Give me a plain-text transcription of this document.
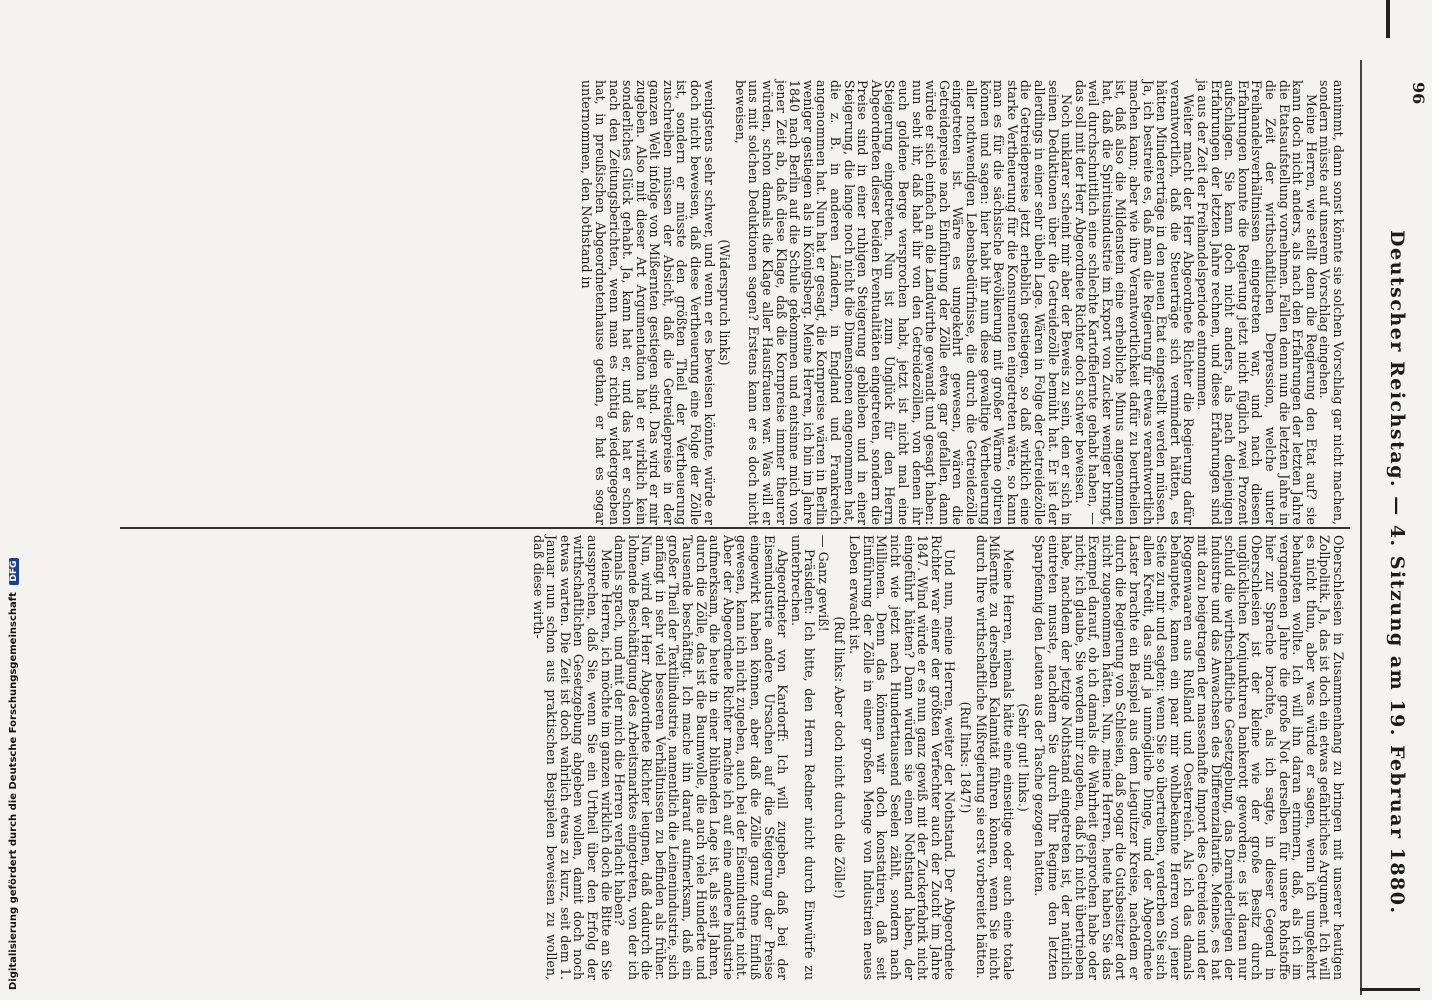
96
Deutscher Reichstag. — 4. Sitzung am 19. Februar 1880.

annimmt, dann sonst könnte sie solchen Vorschlag gar nicht machen, sondern müsste auf unserem Vorschlag eingehen.

Meine Herren, wie stellt denn die Regierung den Etat auf? sie kann doch nicht anders, als nach den Erfahrungen der letzten Jahre die Etatsaufstellung vornehmen. Fallen denn nun die letzten Jahre in die Zeit der wirthschaftlichen Depression, welche unter Freihandelsverhältnissen eingetreten war, und nach diesen Erfahrungen konnte die Regierung jetzt nicht füglich zwei Prozent aufschlagen. Sie kann doch nicht anders, als nach denjenigen Erfahrungen der letzten Jahre rechnen, und diese Erfahrungen sind ja aus der Zeit der Freihandelsperiode entnommen.

Weiter macht der Herr Abgeordnete Richter die Regierung dafür verantwortlich, daß die Steuerträge sich vermindert hätten, es hätten Mindererträge in den neuen Etat eingestellt werden müssen. Ja, ich bestreite es, daß man die Regierung für etwas verantwortlich machen kann; aber wie ihre Verantwortlichkeit dafür zu beurtheilen ist, daß also die Mildenstein eine erhebliche Minus angenommen hat, daß die Spiritusindustrie im Export von Zucker weniger bringt, weil durchschnittlich eine schlechte Kartoffelernte gehabt haben, — das soll mit der Herr Abgeordnete Richter doch schwer beweisen.

Noch unklarer scheint mir aber der Beweis zu sein, den er sich in seinen Deduktionen über die Getreidezölle bemüht hat. Er ist der allerdings in einer sehr übeln Lage. Wären in Folge der Getreidezölle die Getreidepreise jetzt erheblich gestiegen, so daß wirklich eine starke Vertheuerung für die Konsumenten eingetreten wäre, so kann man es für die sächsische Bevölkerung mit großer Wärme optiren können und sagen: hier habt ihr nun diese gewaltige Vertheuerung aller nothwendigen Lebensbedürfnisse, die durch die Getreidezölle eingetreten ist. Wäre es umgekehrt gewesen, wären die Getreidepreise nach Einführung der Zölle etwa gar gefallen, dann würde er sich einfach an die Landwirthe gewandt und gesagt haben: nun seht ihr, daß habt ihr von den Getreidezöllen, von denen ihr euch goldene Berge versprochen habt, jetzt ist nicht mal eine Steigerung eingetreten. Nun ist zum Unglück für den Herrn Abgeordneten dieser beiden Eventualitäten eingetreten, sondern die Preise sind in einer ruhigen Steigerung geblieben und in einer Steigerung, die lange noch nicht die Dimensionen angenommen hat, die z. B. in anderen Ländern, in England und Frankreich angenommen hat. Nun hat er gesagt, die Kornpreise wären in Berlin weniger gestiegen als in Königsberg. Meine Herren, ich bin im Jahre 1840 nach Berlin auf die Schule gekommen und entsinne mich von jener Zeit ab, daß diese Klage, daß die Kornpreise immer theurer würden, schon damals die Klage aller Hausfrauen war. Was will er uns mit solchen Deduktionen sagen? Erstens kann er es doch nicht beweisen,

(Widerspruch links)

wenigstens sehr schwer, und wenn er es beweisen könnte, würde er doch nicht beweisen, daß diese Vertheuerung eine Folge der Zölle ist, sondern er müsste den größten Theil der Vertheuerung zuschreiben müssen der Absicht, daß die Getreidepreise in der ganzen Welt infolge von Mißernten gestiegen sind. Das wird er mir zugeben. Also mit dieser Art Argumentation hat er wirklich kein sonderliches Glück gehabt. Ja, kann hat er, und das hat er schon nach den Zeitungsberichten, wenn man es richtig wiedergegeben hat, in preußischen Abgeordnetenhause gethan, er hat es sogar unternommen, den Nothstand in

Oberschlesien in Zusammenhang zu bringen mit unserer heutigen Zollpolitik. Ja, das ist doch ein etwas gefährliches Argument. Ich will es nicht thun, aber was würde er sagen, wenn ich umgekehrt behaupten wollte. Ich will ihn daran erinnern, daß, als ich im vergangenen Jahre die große Not derselben für unsere Rohstoffe hier zur Sprache brachte, als ich sagte, in dieser Gegend in Oberschlesien ist der kleine wie der große Besitz durch unglücklichen Konjunkturen bankerott geworden; es ist daran nur schuld die wirthschaftliche Gesetzgebung, das Darniederliegen der Industrie und das Anwachsen des Differenzialtarife. Meines, es hat mit dazu beigetragen der massenhafte Import des Getreides und der Roggenwaaren aus Rußland und Oesterreich. Als ich das damals behauptete, kamen ein paar mir wohlbekannte Herren von jener Seite zu mir und sagten: wenn Sie so übertreiben, verderben Sie sich allen Kredit, das sind ja unmögliche Dinge, und der Abgeordnete Laster brachte ein Beispiel aus dem Lieguitzer Kreise, nachdem er durch die Regierung von Schlesien, daß sogar die Gutsbesitzer dort nicht zugenommen hätten. Nun, meine Herren, heute haben Sie das Exempel darauf, ob ich damals die Wahrheit gesprochen habe oder nicht; ich glaube, Sie werden mir zugeben, daß ich nicht übertrieben habe, nachdem der jetzige Nothstand eingetreten ist, der natürlich eintreten musste, nachdem Sie durch Ihr Regime den letzten Sparpfennig den Leuten aus der Tasche gezogen hatten.

(Sehr gut! links.)

Meine Herren, niemals hätte eine einseitige oder auch eine totale Mißernte zu derselben Kalamität führen können, wenn Sie nicht durch Ihre wirthschaftliche Mißregierung sie erst vorbereitet hätten.

(Ruf links: 1847!)

Und nun, meine Herren, weiter der Nothstand. Der Abgeordnete Richter war einer der größten Verfechter auch der Zucht im Jahre 1847. Wind würde er es nun ganz gewiß mit der Zuckerfabrik nicht eingeführt hätten? Dann würden sie einen Nothstand haben, der nicht wie jetzt nach Hunderttausend Seelen zählt, sondern nach Millionen. Denn das können wir doch konstatiren, daß seit Einführung der Zölle in einer großen Menge von Industrien neues Leben erwacht ist.

(Ruf links: Aber doch nicht durch die Zölle!)

— Ganz gewiß!

Präsident: Ich bitte, den Herrn Redner nicht durch Einwürfe zu unterbrechen.

Abgeordneter von Kardorff: Ich will zugeben, daß bei der Eisenindustrie andere Ursachen auf die Steigerung der Preise eingewirkt haben können, aber daß die Zölle ganz ohne Einfluß gewesen, kann ich nicht zugeben, auch bei der Eisenindustrie nicht. Aber der Abgeordnete Richter machte ich auf eine andere Industrie aufmerksam, die heute in einer blühenden Lage ist, als seit Jahren, durch die Zölle, das ist die Baumwolle, die auch viele Hunderte und Tausende beschäftigt. Ich mache ihn darauf aufmerksam, daß ein großer Theil der Textilindustrie, namentlich die Leinenindustrie, sich anfängt in sehr viel besseren Verhältnissen zu befinden als früher. Nun, wird der Herr Abgeordnete Richter leugnen, daß dadurch die lohnende Beschäftigung des Arbeitsmarktes eingetreten, von der ich damals sprach, und mit der mich die Herren verlacht haben?

Meine Herren, ich möchte im ganzen wirklich doch die Bitte an Sie aussprechen, daß Sie, wenn Sie ein Urtheil über den Erfolg der wirthschaftlichen Gesetzgebung abgeben wollen, damit doch noch etwas warten. Die Zeit ist doch wahrlich etwas zu kurz, seit dem 1. Januar nun schon aus praktischen Beispielen beweisen zu wollen, daß diese wirth-

Digitalisierung gefördert durch die Deutsche Forschungsgemeinschaft DFG
